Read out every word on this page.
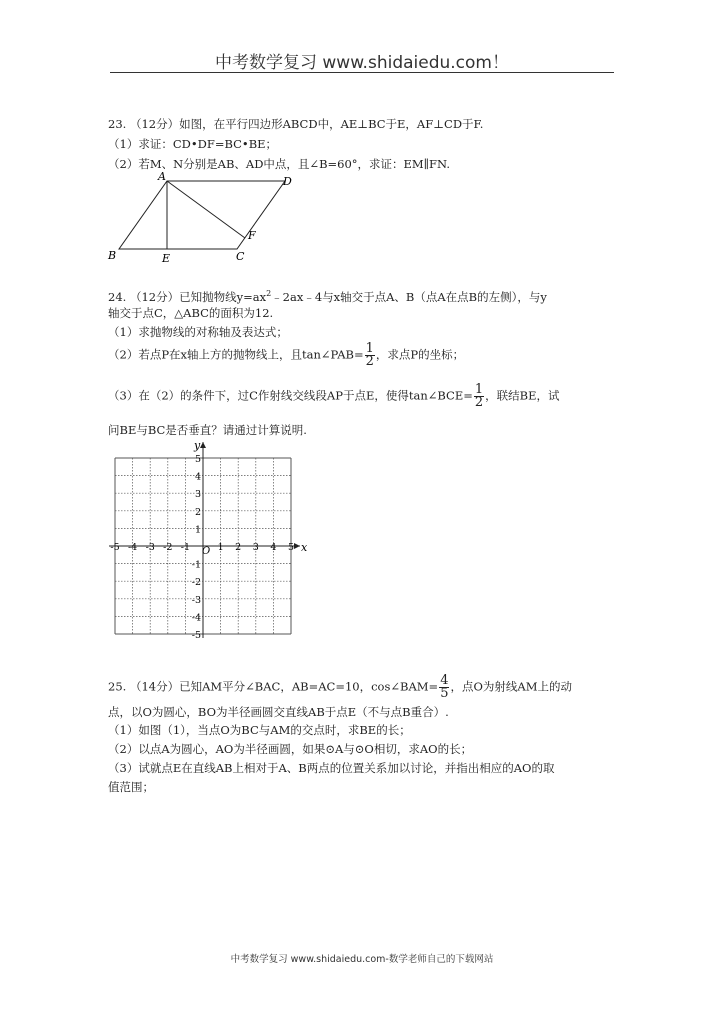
中考数学复习 www.shidaiedu.com！
23. （12分）如图，在平行四边形ABCD中，AE⊥BC于E，AF⊥CD于F.
（1）求证：CD•DF=BC•BE；
（2）若M、N分别是AB、AD中点，且∠B=60°，求证：EM∥FN.
A	D
B	E	C
F
24. （12分）已知抛物线$y=ax^2﹣2ax﹣4$与x轴交于点A、B（点A在点B的左侧），与y
轴交于点C，△ABC的面积为12.
（1）求抛物线的对称轴及表达式；
（2）若点P在x轴上方的抛物线上，且tan∠PAB= $\frac{1}{2}$ ，求点P的坐标；
（3）在（2）的条件下，过C作射线交线段AP于点E，使得tan∠BCE= $\frac{1}{2}$ ，联结BE，试
问BE与BC是否垂直？请通过计算说明.
x
y
O
-5 -4 -3 -2 -1	1 2 3 4 5
5
4
3
2
1
-1
-2
-3
-4
-5
25. （14分）已知AM平分∠BAC，AB=AC=10，cos∠BAM= $\frac{4}{5}$ ，点O为射线AM上的动
点，以O为圆心，BO为半径画圆交直线AB于点E（不与点B重合）.
（1）如图（1），当点O为BC与AM的交点时，求BE的长；
（2）以点A为圆心，AO为半径画圆，如果⊙A与⊙O相切，求AO的长；
（3）试就点E在直线AB上相对于A、B两点的位置关系加以讨论，并指出相应的AO的取
值范围；
中考数学复习 www.shidaiedu.com-数学老师自己的下载网站
